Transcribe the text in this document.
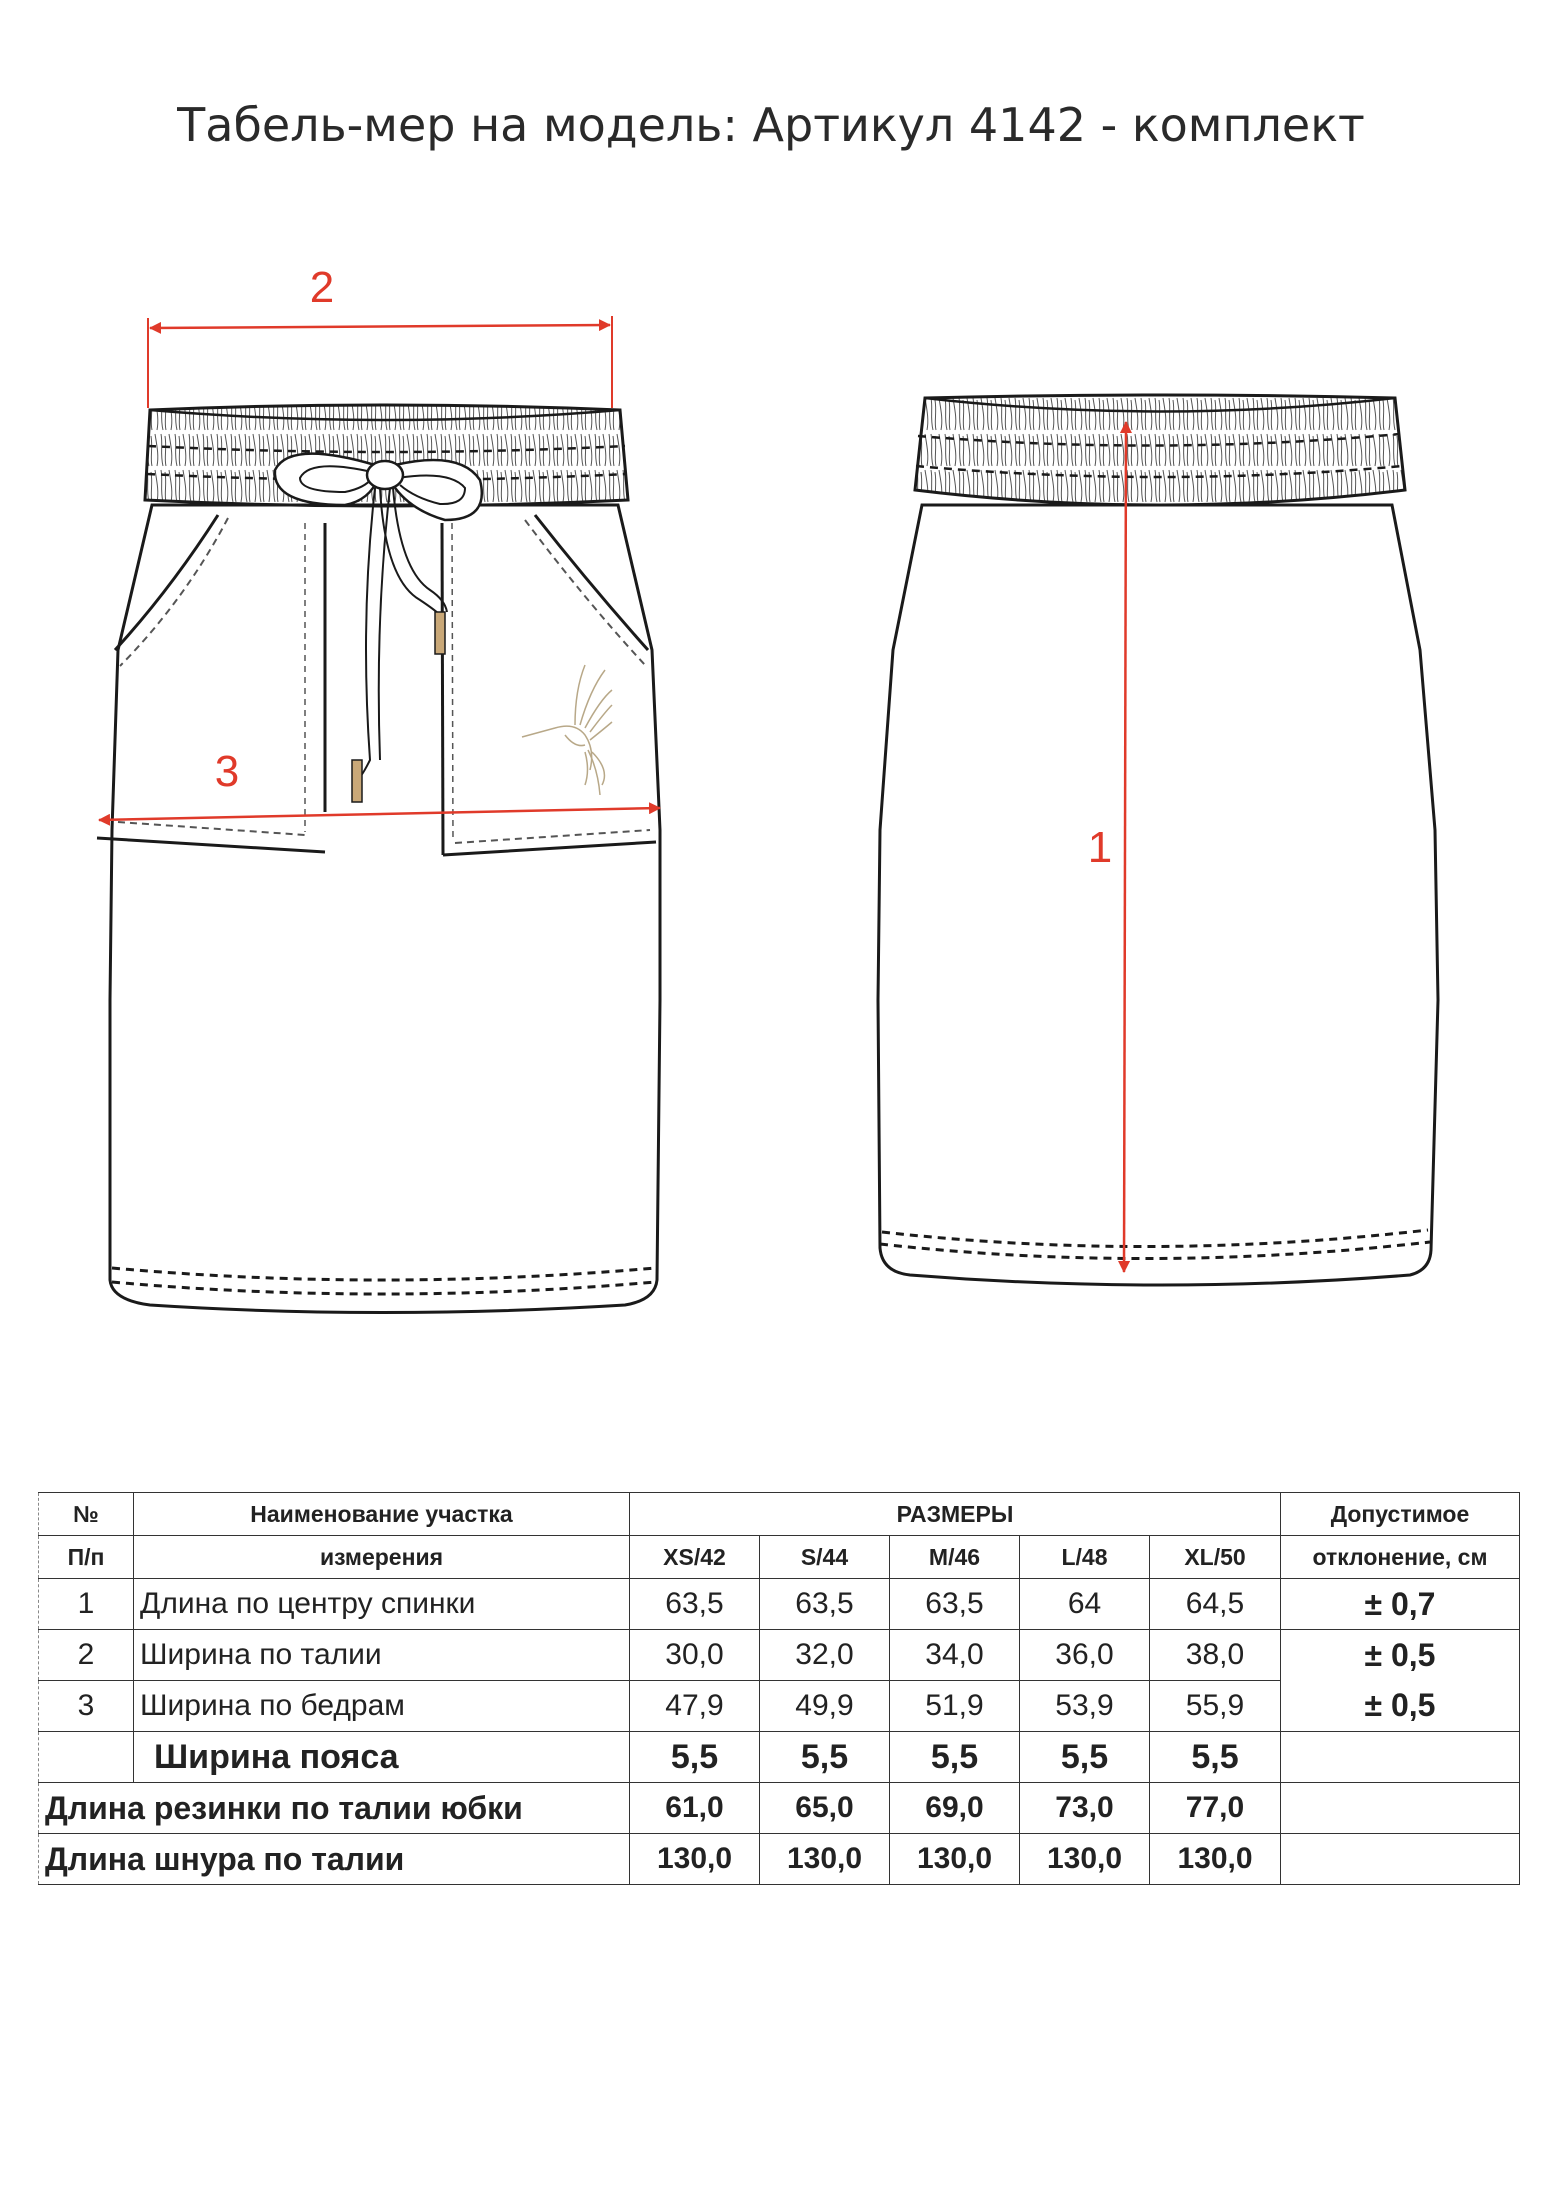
Табель-мер на модель: Артикул 4142 - комплект
2
3
1
№	Наименование участка	РАЗМЕРЫ					Допустимое
П/п	измерения	XS/42	S/44	M/46	L/48	XL/50	отклонение, см
1	Длина по центру спинки	63,5	63,5	63,5	64	64,5	± 0,7
2	Ширина по талии	30,0	32,0	34,0	36,0	38,0	± 0,5
3	Ширина по бедрам	47,9	49,9	51,9	53,9	55,9	± 0,5
	Ширина пояса	5,5	5,5	5,5	5,5	5,5	
Длина резинки по талии юбки		61,0	65,0	69,0	73,0	77,0	
Длина шнура по талии		130,0	130,0	130,0	130,0	130,0	
